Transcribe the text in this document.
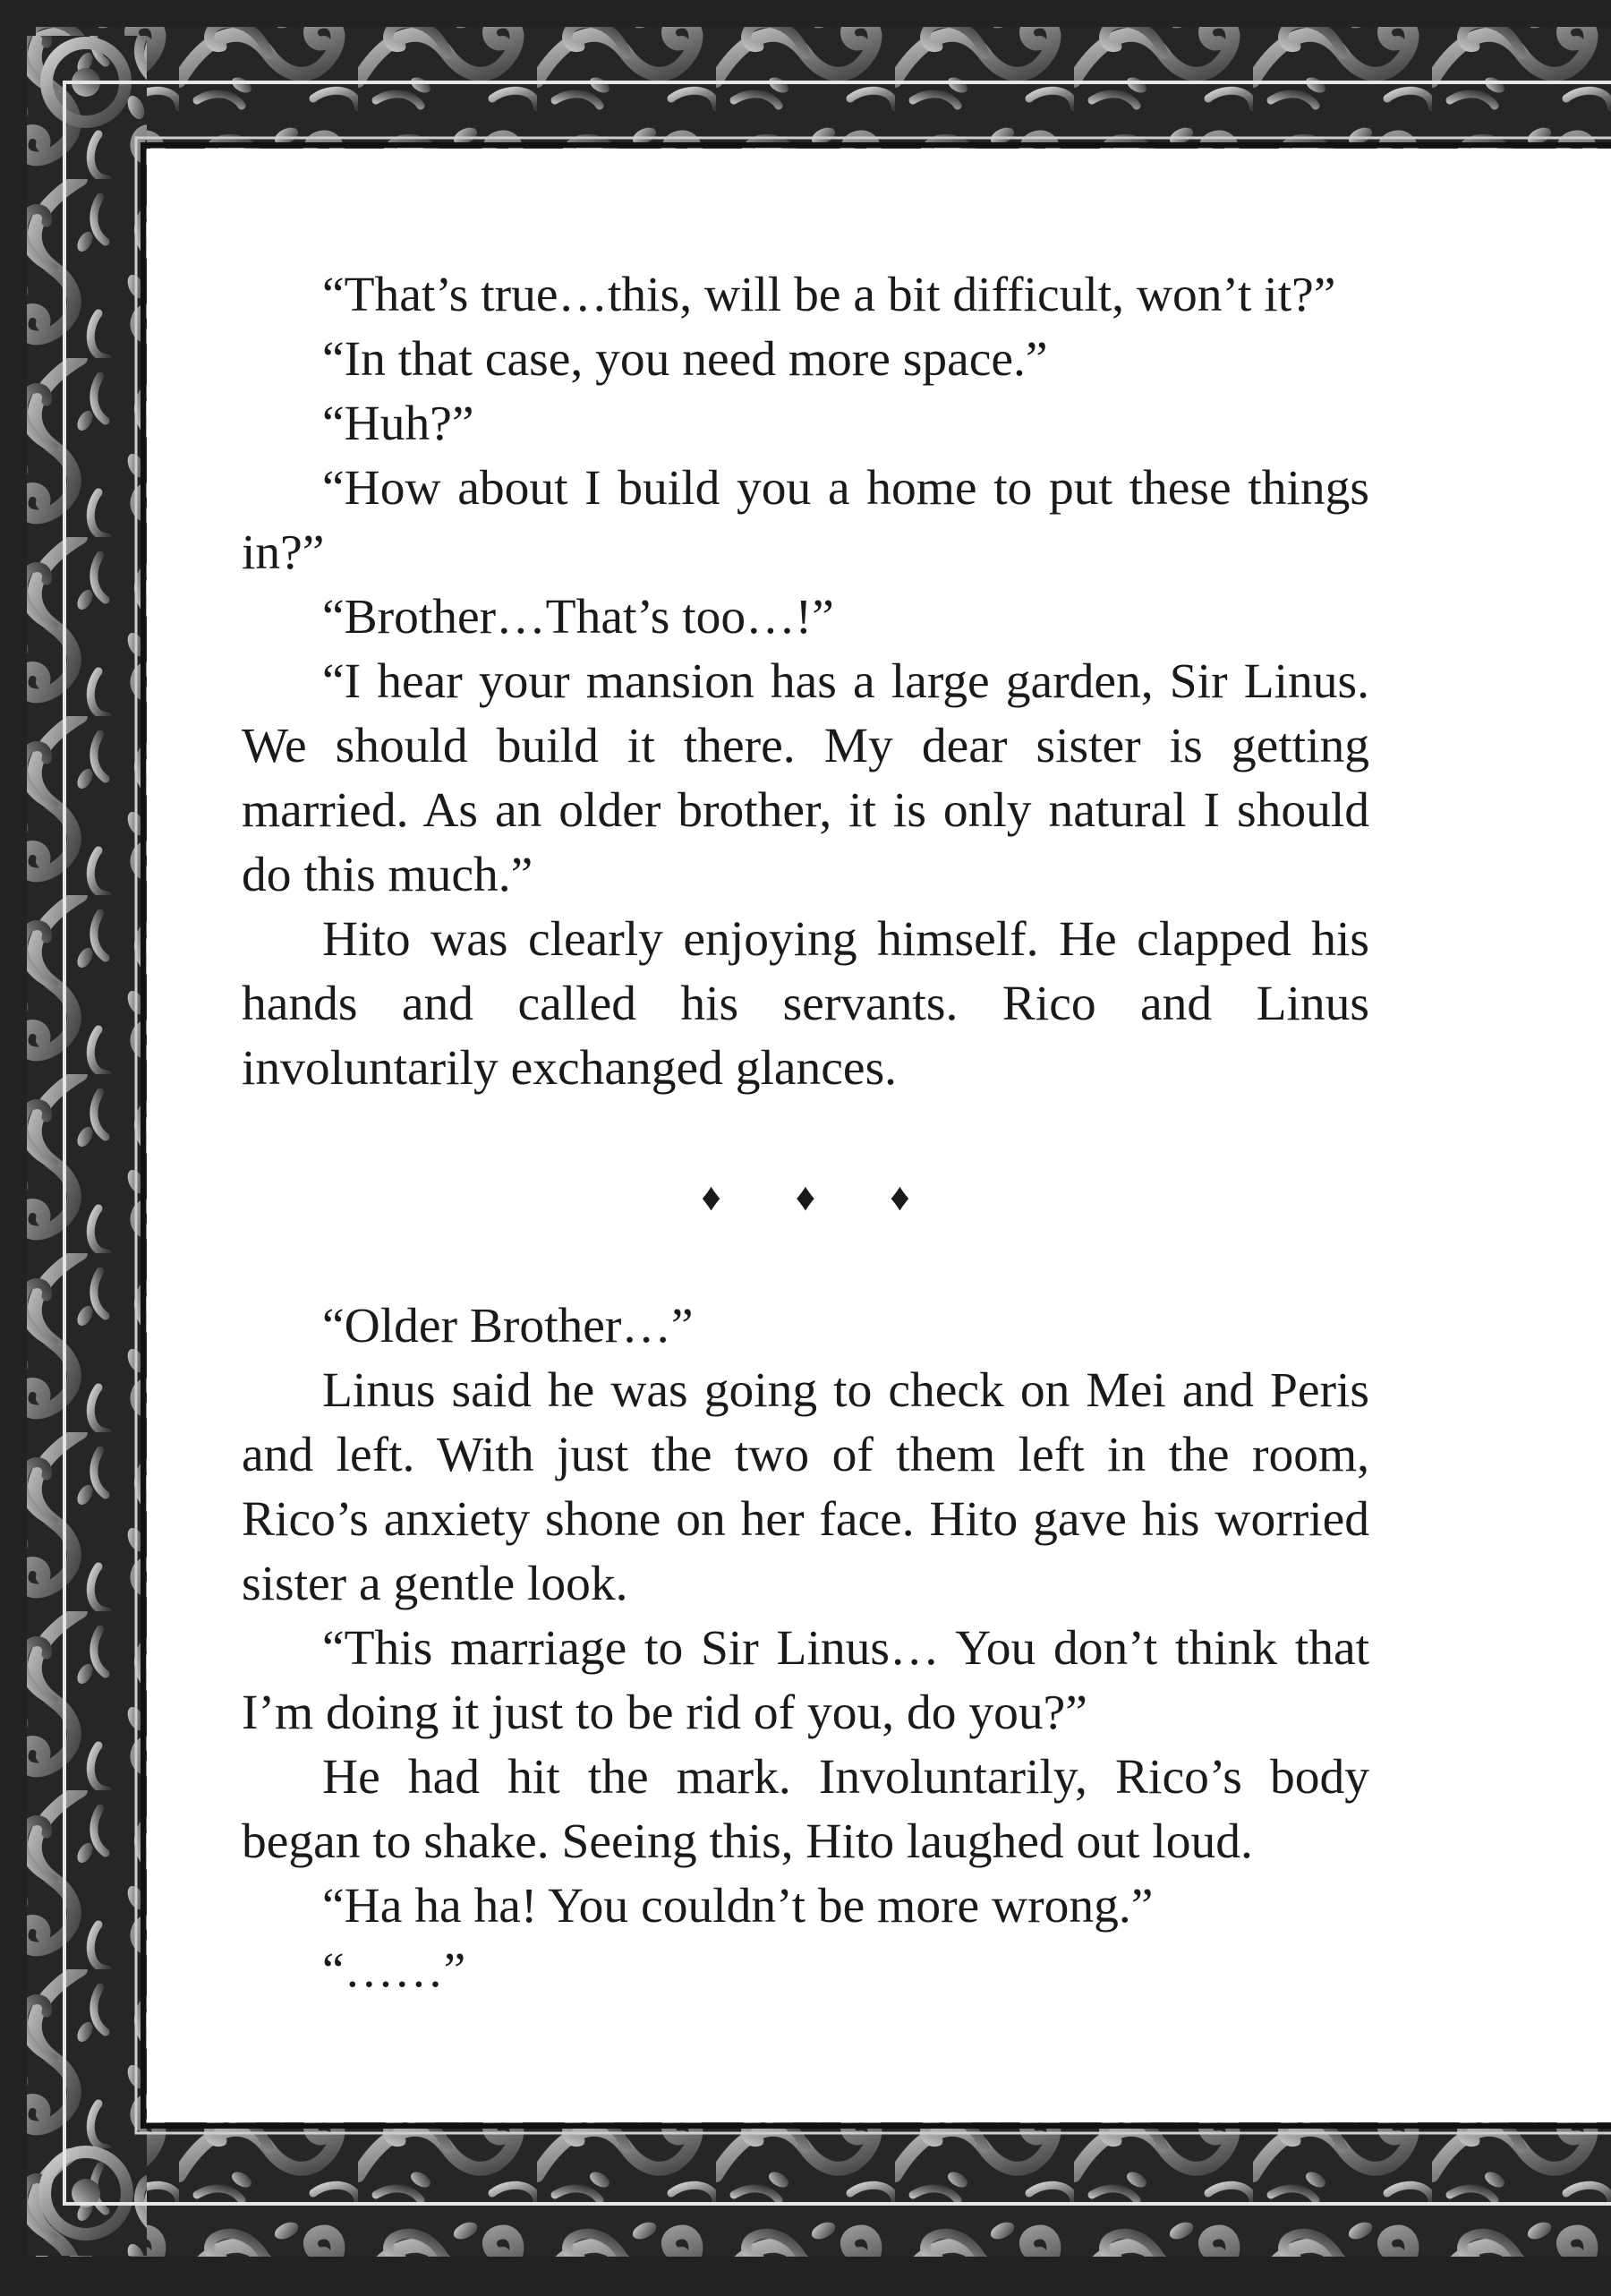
“That’s true…this, will be a bit difficult, won’t it?”

“In that case, you need more space.”

“Huh?”

“How about I build you a home to put these things in?”

“Brother…That’s too…!”

“I hear your mansion has a large garden, Sir Linus. We should build it there. My dear sister is getting married. As an older brother, it is only natural I should do this much.”

Hito was clearly enjoying himself. He clapped his hands and called his servants. Rico and Linus involuntarily exchanged glances.

♦ ♦ ♦

“Older Brother…”

Linus said he was going to check on Mei and Peris and left. With just the two of them left in the room, Rico’s anxiety shone on her face. Hito gave his worried sister a gentle look.

“This marriage to Sir Linus… You don’t think that I’m doing it just to be rid of you, do you?”

He had hit the mark. Involuntarily, Rico’s body began to shake. Seeing this, Hito laughed out loud.

“Ha ha ha! You couldn’t be more wrong.”

“……”
